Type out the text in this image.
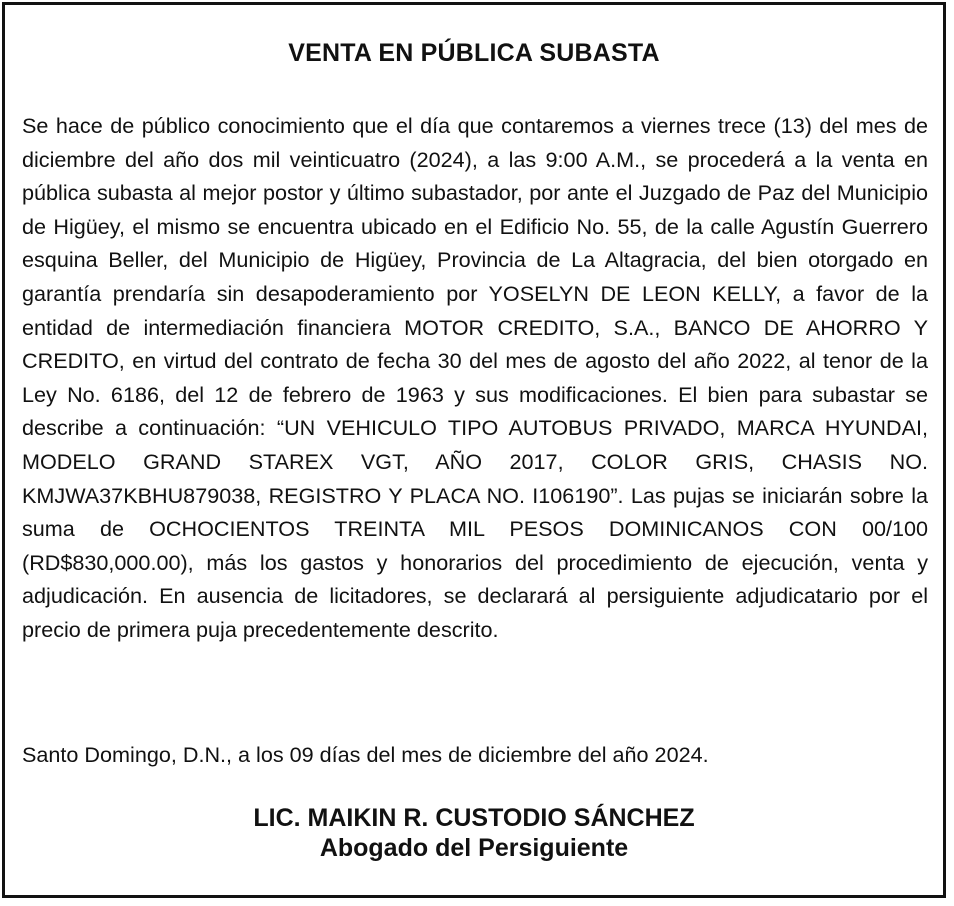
VENTA EN PÚBLICA SUBASTA

Se hace de público conocimiento que el día que contaremos a viernes trece (13) del mes de diciembre del año dos mil veinticuatro (2024), a las 9:00 A.M., se procederá a la venta en pública subasta al mejor postor y último subastador, por ante el Juzgado de Paz del Municipio de Higüey, el mismo se encuentra ubicado en el Edificio No. 55, de la calle Agustín Guerrero esquina Beller, del Municipio de Higüey, Provincia de La Altagracia, del bien otorgado en garantía prendaría sin desapoderamiento por YOSELYN DE LEON KELLY, a favor de la entidad de intermediación financiera MOTOR CREDITO, S.A., BANCO DE AHORRO Y CREDITO, en virtud del contrato de fecha 30 del mes de agosto del año 2022, al tenor de la Ley No. 6186, del 12 de febrero de 1963 y sus modificaciones. El bien para subastar se describe a continuación: “UN VEHICULO TIPO AUTOBUS PRIVADO, MARCA HYUNDAI, MODELO GRAND STAREX VGT, AÑO 2017, COLOR GRIS, CHASIS NO. KMJWA37KBHU879038, REGISTRO Y PLACA NO. I106190”. Las pujas se iniciarán sobre la suma de OCHOCIENTOS TREINTA MIL PESOS DOMINICANOS CON 00/100 (RD$830,000.00), más los gastos y honorarios del procedimiento de ejecución, venta y adjudicación. En ausencia de licitadores, se declarará al persiguiente adjudicatario por el precio de primera puja precedentemente descrito.

Santo Domingo, D.N., a los 09 días del mes de diciembre del año 2024.

LIC. MAIKIN R. CUSTODIO SÁNCHEZ
Abogado del Persiguiente
